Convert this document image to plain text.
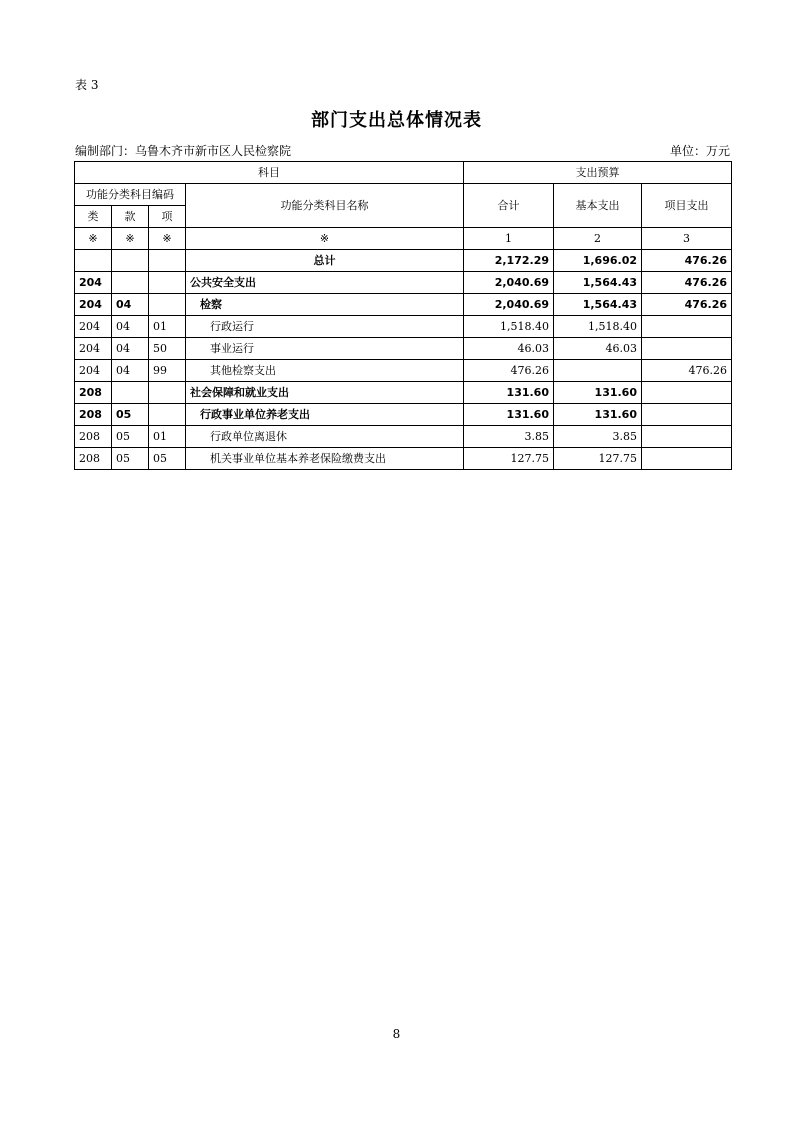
表 3
部门支出总体情况表
编制部门：乌鲁木齐市新市区人民检察院	单位：万元
科目				支出预算		
功能分类科目编码			功能分类科目名称	合计	基本支出	项目支出
类	款	项				
※	※	※	※	1	2	3
			总计	2,172.29	1,696.02	476.26
204			公共安全支出	2,040.69	1,564.43	476.26
204	04		检察	2,040.69	1,564.43	476.26
204	04	01	行政运行	1,518.40	1,518.40	
204	04	50	事业运行	46.03	46.03	
204	04	99	其他检察支出	476.26		476.26
208			社会保障和就业支出	131.60	131.60	
208	05		行政事业单位养老支出	131.60	131.60	
208	05	01	行政单位离退休	3.85	3.85	
208	05	05	机关事业单位基本养老保险缴费支出	127.75	127.75	
8
